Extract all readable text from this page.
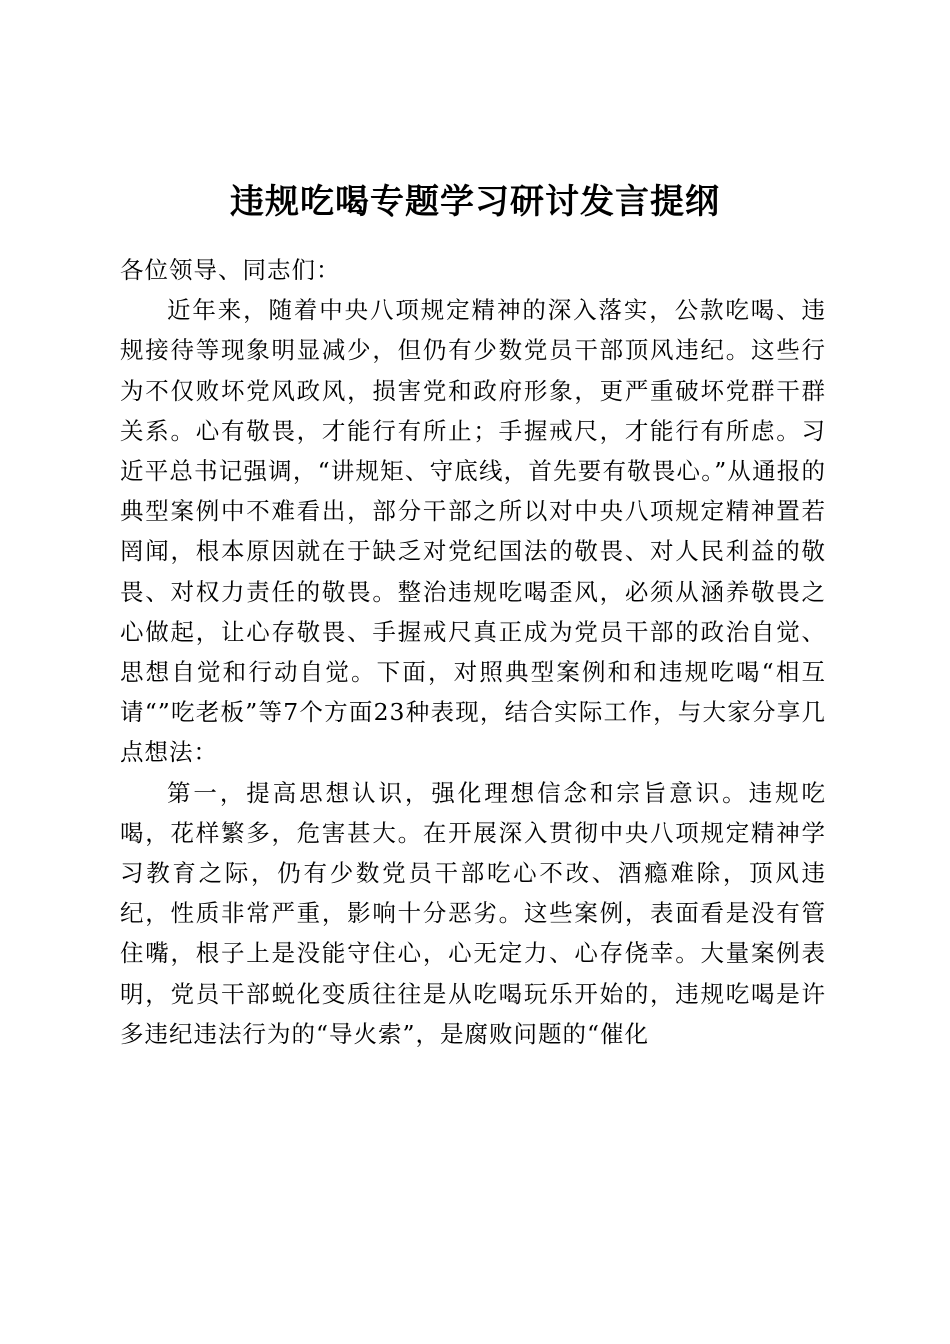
违规吃喝专题学习研讨发言提纲

各位领导、同志们：

近年来，随着中央八项规定精神的深入落实，公款吃喝、违规接待等现象明显减少，但仍有少数党员干部顶风违纪。这些行为不仅败坏党风政风，损害党和政府形象，更严重破坏党群干群关系。心有敬畏，才能行有所止；手握戒尺，才能行有所虑。习近平总书记强调，“讲规矩、守底线，首先要有敬畏心。”从通报的典型案例中不难看出，部分干部之所以对中央八项规定精神置若罔闻，根本原因就在于缺乏对党纪国法的敬畏、对人民利益的敬畏、对权力责任的敬畏。整治违规吃喝歪风，必须从涵养敬畏之心做起，让心存敬畏、手握戒尺真正成为党员干部的政治自觉、思想自觉和行动自觉。下面，对照典型案例和和违规吃喝“相互请“”吃老板”等7个方面23种表现，结合实际工作，与大家分享几点想法：

第一，提高思想认识，强化理想信念和宗旨意识。违规吃喝，花样繁多，危害甚大。在开展深入贯彻中央八项规定精神学习教育之际，仍有少数党员干部吃心不改、酒瘾难除，顶风违纪，性质非常严重，影响十分恶劣。这些案例，表面看是没有管住嘴，根子上是没能守住心，心无定力、心存侥幸。大量案例表明，党员干部蜕化变质往往是从吃喝玩乐开始的，违规吃喝是许多违纪违法行为的“导火索”，是腐败问题的“催化
